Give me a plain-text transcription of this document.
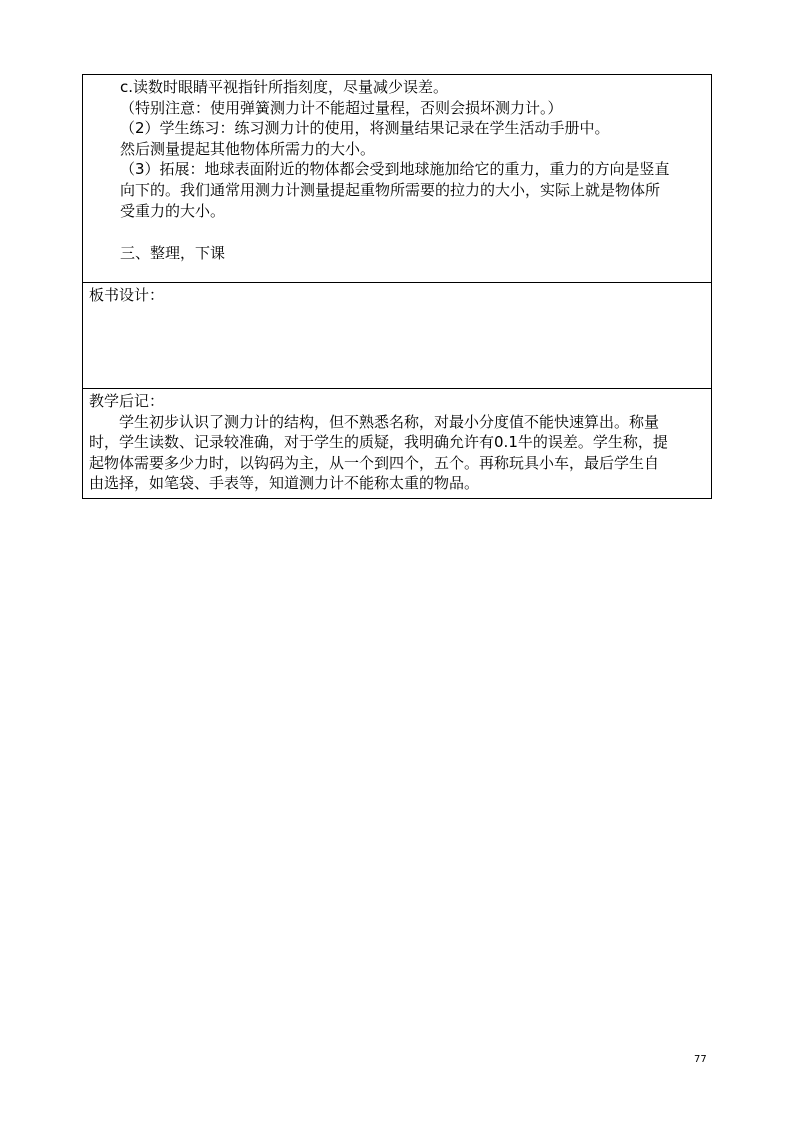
c.读数时眼睛平视指针所指刻度，尽量减少误差。
（特别注意：使用弹簧测力计不能超过量程，否则会损坏测力计。）
（2）学生练习：练习测力计的使用，将测量结果记录在学生活动手册中。
然后测量提起其他物体所需力的大小。
（3）拓展：地球表面附近的物体都会受到地球施加给它的重力，重力的方向是竖直
向下的。我们通常用测力计测量提起重物所需要的拉力的大小，实际上就是物体所
受重力的大小。
三、整理，下课

板书设计：

教学后记：
学生初步认识了测力计的结构，但不熟悉名称，对最小分度值不能快速算出。称量
时，学生读数、记录较准确，对于学生的质疑，我明确允许有0.1牛的误差。学生称，提
起物体需要多少力时，以钩码为主，从一个到四个，五个。再称玩具小车，最后学生自
由选择，如笔袋、手表等，知道测力计不能称太重的物品。
77
